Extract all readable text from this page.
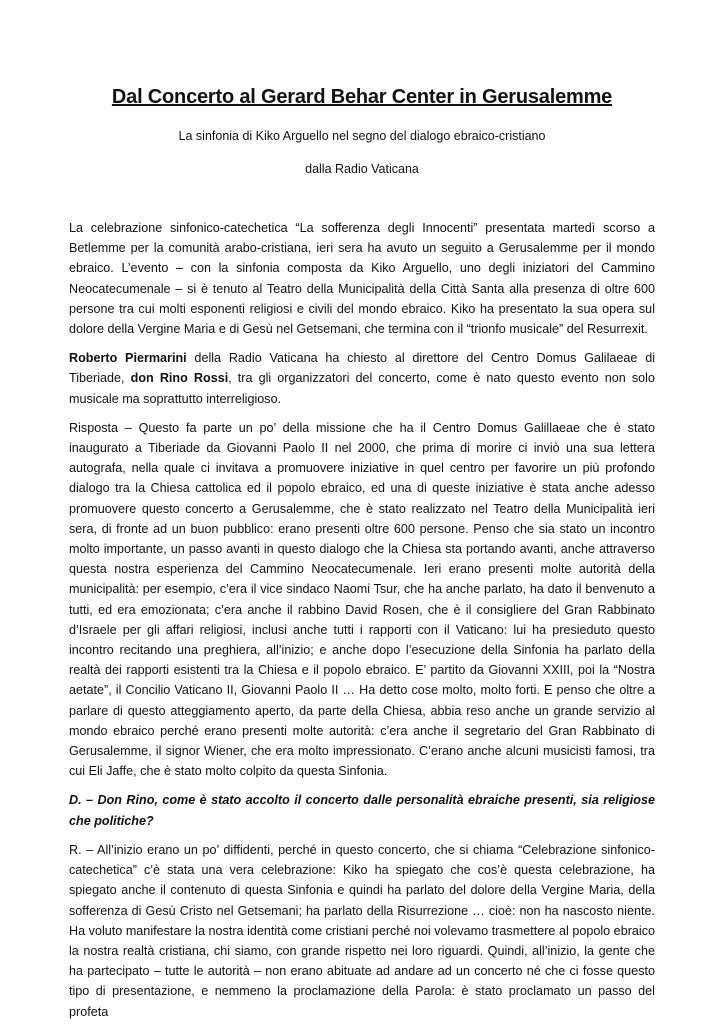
Dal Concerto al Gerard Behar Center in Gerusalemme

La sinfonia di Kiko Arguello nel segno del dialogo ebraico-cristiano

dalla Radio Vaticana

La celebrazione sinfonico-catechetica “La sofferenza degli Innocenti” presentata martedì scorso a Betlemme per la comunità arabo-cristiana, ieri sera ha avuto un seguito a Gerusalemme per il mondo ebraico. L’evento – con la sinfonia composta da Kiko Arguello, uno degli iniziatori del Cammino Neocatecumenale – si è tenuto al Teatro della Municipalità della Città Santa alla presenza di oltre 600 persone tra cui molti esponenti religiosi e civili del mondo ebraico. Kiko ha presentato la sua opera sul dolore della Vergine Maria e di Gesù nel Getsemani, che termina con il “trionfo musicale” del Resurrexit.

Roberto Piermarini della Radio Vaticana ha chiesto al direttore del Centro Domus Galilaeae di Tiberiade, don Rino Rossi, tra gli organizzatori del concerto, come è nato questo evento non solo musicale ma soprattutto interreligioso.

Risposta – Questo fa parte un po’ della missione che ha il Centro Domus Galillaeae che è stato inaugurato a Tiberiade da Giovanni Paolo II nel 2000, che prima di morire ci inviò una sua lettera autografa, nella quale ci invitava a promuovere iniziative in quel centro per favorire un più profondo dialogo tra la Chiesa cattolica ed il popolo ebraico, ed una di queste iniziative è stata anche adesso promuovere questo concerto a Gerusalemme, che è stato realizzato nel Teatro della Municipalità ieri sera, di fronte ad un buon pubblico: erano presenti oltre 600 persone. Penso che sia stato un incontro molto importante, un passo avanti in questo dialogo che la Chiesa sta portando avanti, anche attraverso questa nostra esperienza del Cammino Neocatecumenale. Ieri erano presenti molte autorità della municipalità: per esempio, c’era il vice sindaco Naomi Tsur, che ha anche parlato, ha dato il benvenuto a tutti, ed era emozionata; c’era anche il rabbino David Rosen, che è il consigliere del Gran Rabbinato d’Israele per gli affari religiosi, inclusi anche tutti i rapporti con il Vaticano: lui ha presieduto questo incontro recitando una preghiera, all’inizio; e anche dopo l’esecuzione della Sinfonia ha parlato della realtà dei rapporti esistenti tra la Chiesa e il popolo ebraico. E’ partito da Giovanni XXIII, poi la “Nostra aetate”, il Concilio Vaticano II, Giovanni Paolo II … Ha detto cose molto, molto forti. E penso che oltre a parlare di questo atteggiamento aperto, da parte della Chiesa, abbia reso anche un grande servizio al mondo ebraico perché erano presenti molte autorità: c’era anche il segretario del Gran Rabbinato di Gerusalemme, il signor Wiener, che era molto impressionato. C’erano anche alcuni musicisti famosi, tra cui Eli Jaffe, che è stato molto colpito da questa Sinfonia.

D. – Don Rino, come è stato accolto il concerto dalle personalità ebraiche presenti, sia religiose che politiche?

R. – All’inizio erano un po’ diffidenti, perché in questo concerto, che si chiama “Celebrazione sinfonico-catechetica” c’è stata una vera celebrazione: Kiko ha spiegato che cos’è questa celebrazione, ha spiegato anche il contenuto di questa Sinfonia e quindi ha parlato del dolore della Vergine Maria, della sofferenza di Gesù Cristo nel Getsemani; ha parlato della Risurrezione … cioè: non ha nascosto niente. Ha voluto manifestare la nostra identità come cristiani perché noi volevamo trasmettere al popolo ebraico la nostra realtà cristiana, chi siamo, con grande rispetto nei loro riguardi. Quindi, all’inizio, la gente che ha partecipato – tutte le autorità – non erano abituate ad andare ad un concerto né che ci fosse questo tipo di presentazione, e nemmeno la proclamazione della Parola: è stato proclamato un passo del profeta
